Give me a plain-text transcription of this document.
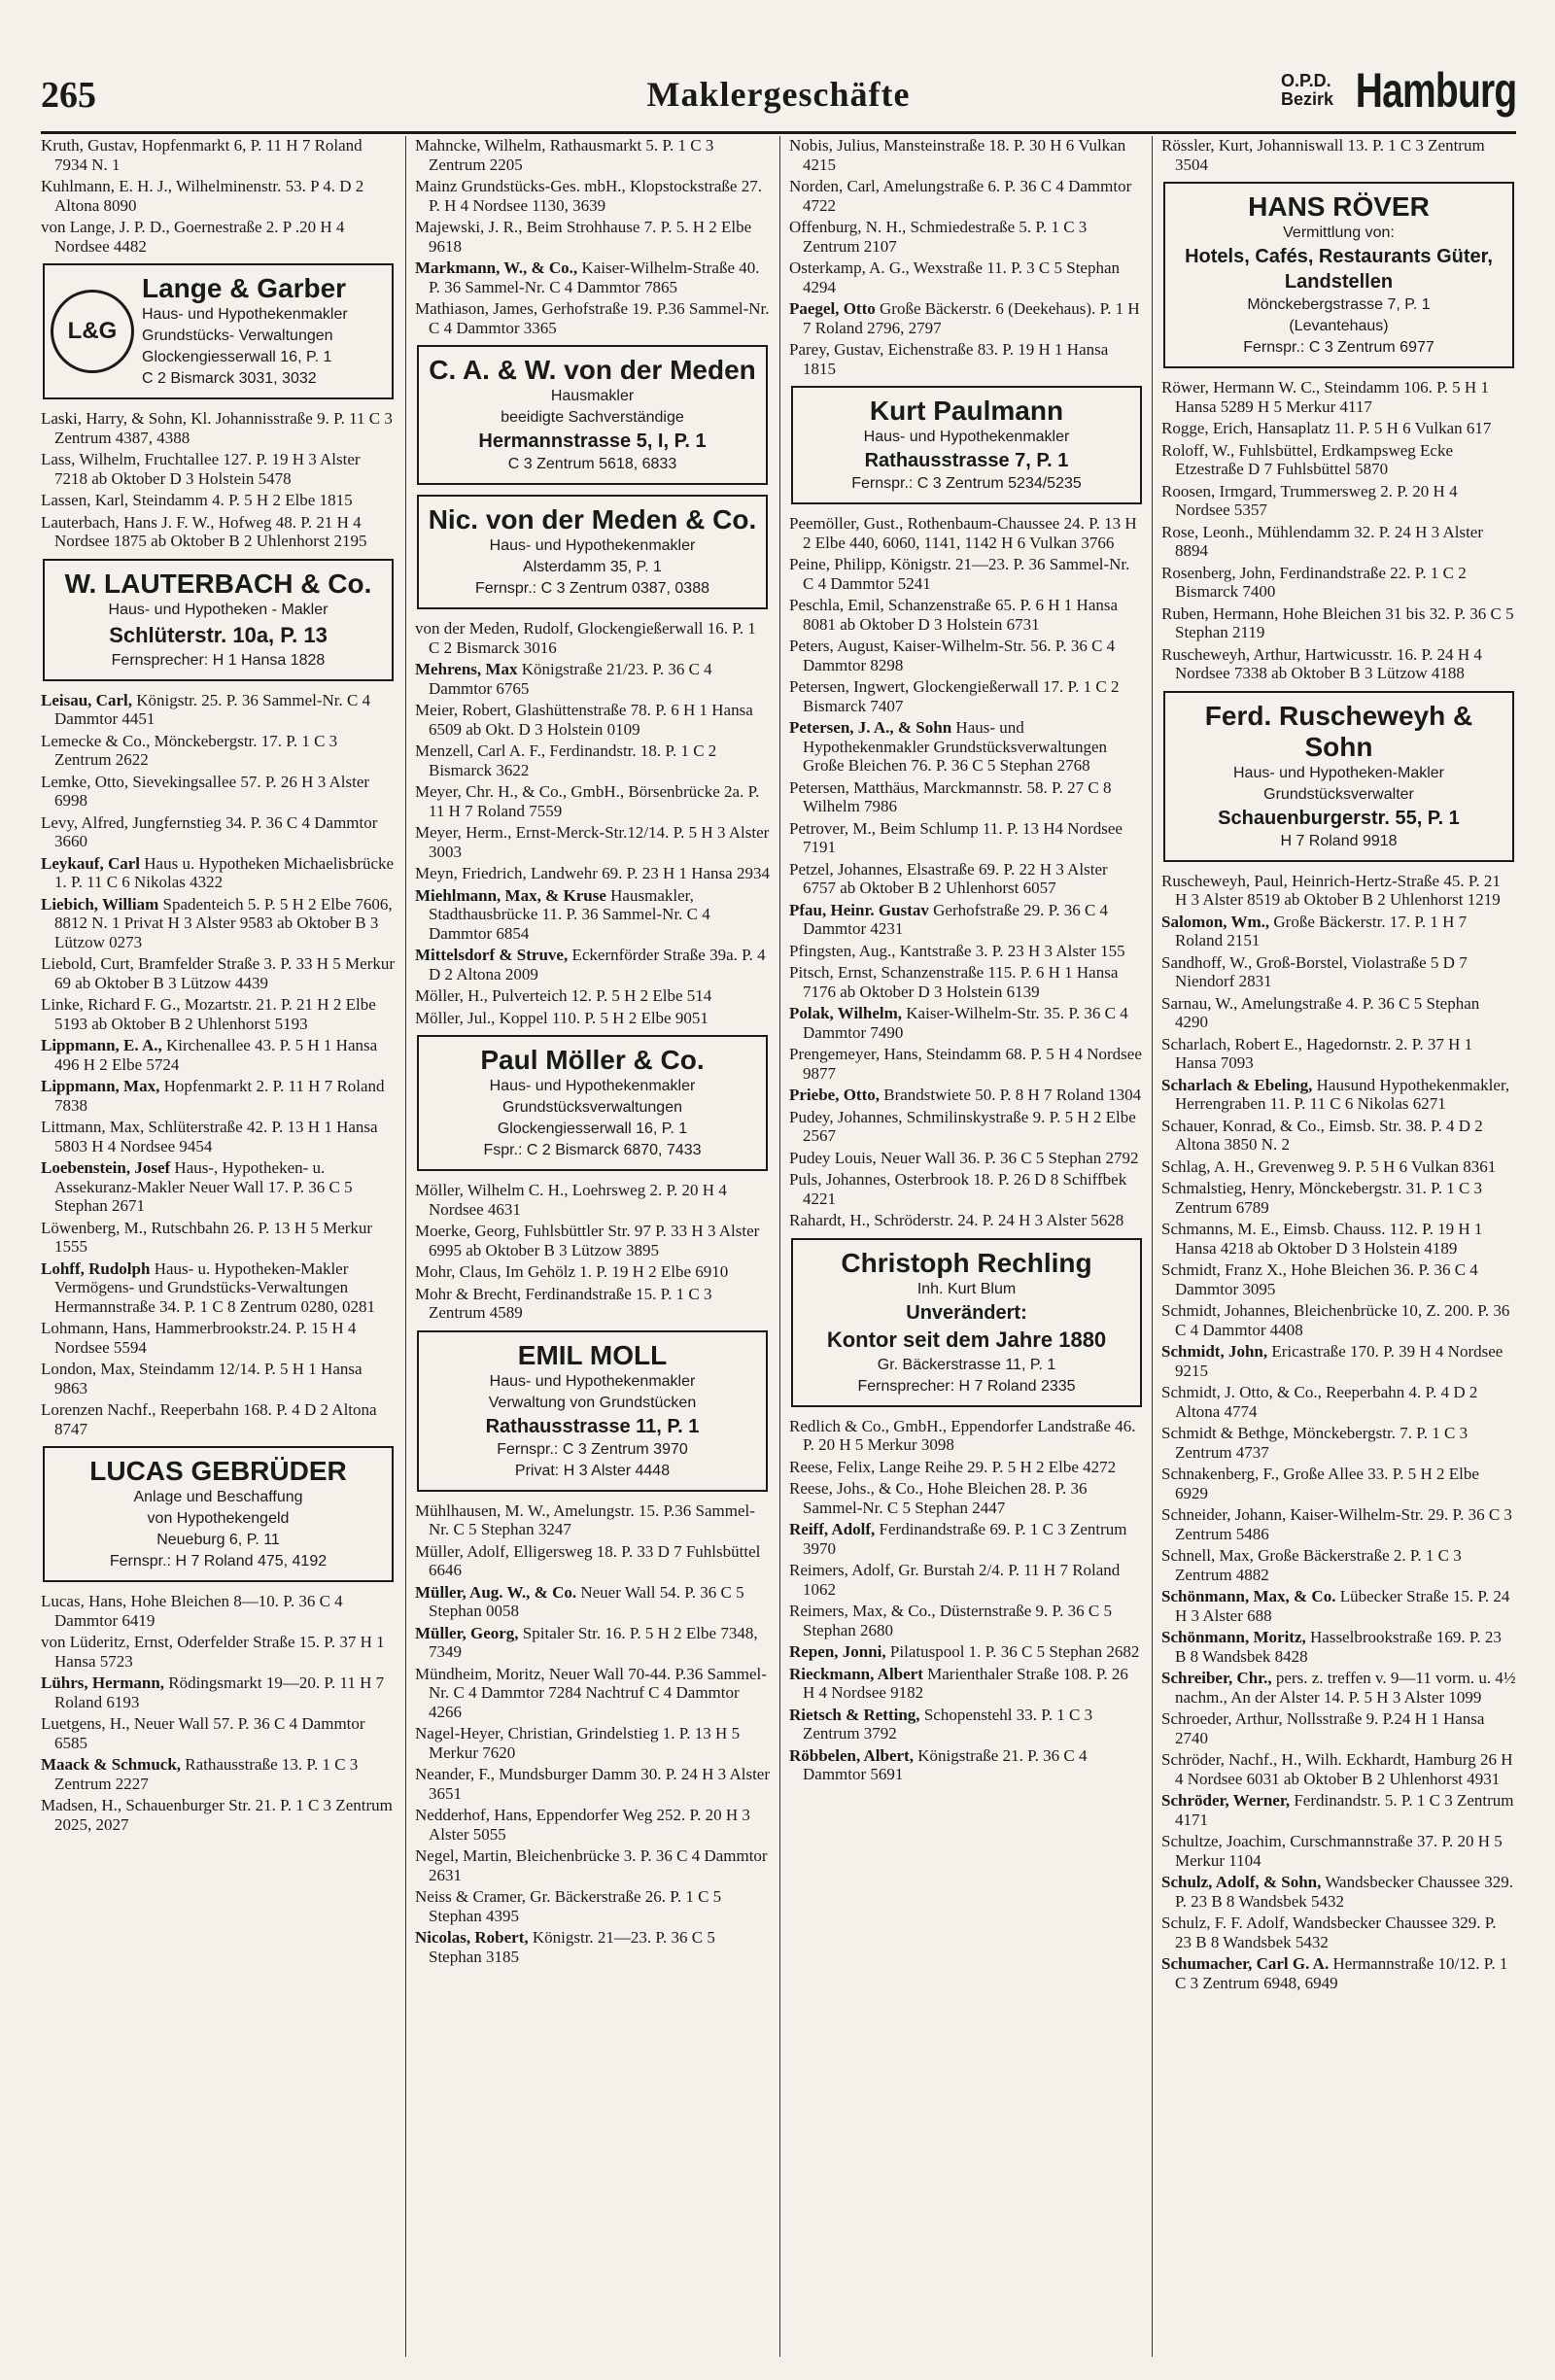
265	Maklergeschäfte	O.P.D.
Bezirk Hamburg
Kruth, Gustav, Hopfenmarkt 6, P. 11 H 7 Roland 7934 N. 1
Kuhlmann, E. H. J., Wilhelminenstr. 53. P 4. D 2 Altona 8090
von Lange, J. P. D., Goernestraße 2. P .20 H 4 Nordsee 4482
L&G
Lange & Garber
Haus- und Hypothekenmakler
Grundstücks- Verwaltungen
Glockengiesserwall 16, P. 1
C 2 Bismarck 3031, 3032
Laski, Harry, & Sohn, Kl. Johannisstraße 9. P. 11 C 3 Zentrum 4387, 4388
Lass, Wilhelm, Fruchtallee 127. P. 19 H 3 Alster 7218 ab Oktober D 3 Holstein 5478
Lassen, Karl, Steindamm 4. P. 5 H 2 Elbe 1815
Lauterbach, Hans J. F. W., Hofweg 48. P. 21 H 4 Nordsee 1875 ab Oktober B 2 Uhlenhorst 2195
W. LAUTERBACH & Co.
Haus- und Hypotheken - Makler
Schlüterstr. 10a, P. 13
Fernsprecher: H 1 Hansa 1828
Leisau, Carl, Königstr. 25. P. 36 Sammel-Nr. C 4 Dammtor 4451
Lemecke & Co., Mönckebergstr. 17. P. 1 C 3 Zentrum 2622
Lemke, Otto, Sievekingsallee 57. P. 26 H 3 Alster 6998
Levy, Alfred, Jungfernstieg 34. P. 36 C 4 Dammtor 3660
Leykauf, Carl Haus u. Hypotheken Michaelisbrücke 1. P. 11 C 6 Nikolas 4322
Liebich, William Spadenteich 5. P. 5 H 2 Elbe 7606, 8812 N. 1 Privat H 3 Alster 9583 ab Oktober B 3 Lützow 0273
Liebold, Curt, Bramfelder Straße 3. P. 33 H 5 Merkur 69 ab Oktober B 3 Lützow 4439
Linke, Richard F. G., Mozartstr. 21. P. 21 H 2 Elbe 5193 ab Oktober B 2 Uhlenhorst 5193
Lippmann, E. A., Kirchenallee 43. P. 5 H 1 Hansa 496 H 2 Elbe 5724
Lippmann, Max, Hopfenmarkt 2. P. 11 H 7 Roland 7838
Littmann, Max, Schlüterstraße 42. P. 13 H 1 Hansa 5803 H 4 Nordsee 9454
Loebenstein, Josef Haus-, Hypotheken- u. Assekuranz-Makler Neuer Wall 17. P. 36 C 5 Stephan 2671
Löwenberg, M., Rutschbahn 26. P. 13 H 5 Merkur 1555
Lohff, Rudolph Haus- u. Hypotheken-Makler Vermögens- und Grundstücks-Verwaltungen Hermannstraße 34. P. 1 C 8 Zentrum 0280, 0281
Lohmann, Hans, Hammerbrookstr.24. P. 15 H 4 Nordsee 5594
London, Max, Steindamm 12/14. P. 5 H 1 Hansa 9863
Lorenzen Nachf., Reeperbahn 168. P. 4 D 2 Altona 8747
LUCAS GEBRÜDER
Anlage und Beschaffung
von Hypothekengeld
Neueburg 6, P. 11
Fernspr.: H 7 Roland 475, 4192
Lucas, Hans, Hohe Bleichen 8—10. P. 36 C 4 Dammtor 6419
von Lüderitz, Ernst, Oderfelder Straße 15. P. 37 H 1 Hansa 5723
Lührs, Hermann, Rödingsmarkt 19—20. P. 11 H 7 Roland 6193
Luetgens, H., Neuer Wall 57. P. 36 C 4 Dammtor 6585
Maack & Schmuck, Rathausstraße 13. P. 1 C 3 Zentrum 2227
Madsen, H., Schauenburger Str. 21. P. 1 C 3 Zentrum 2025, 2027
Mahncke, Wilhelm, Rathausmarkt 5. P. 1 C 3 Zentrum 2205
Mainz Grundstücks-Ges. mbH., Klopstockstraße 27. P. H 4 Nordsee 1130, 3639
Majewski, J. R., Beim Strohhause 7. P. 5. H 2 Elbe 9618
Markmann, W., & Co., Kaiser-Wilhelm-Straße 40. P. 36 Sammel-Nr. C 4 Dammtor 7865
Mathiason, James, Gerhofstraße 19. P.36 Sammel-Nr. C 4 Dammtor 3365
C. A. & W. von der Meden
Hausmakler
beeidigte Sachverständige
Hermannstrasse 5, I, P. 1
C 3 Zentrum 5618, 6833
Nic. von der Meden & Co.
Haus- und Hypothekenmakler
Alsterdamm 35, P. 1
Fernspr.: C 3 Zentrum 0387, 0388
von der Meden, Rudolf, Glockengießerwall 16. P. 1 C 2 Bismarck 3016
Mehrens, Max Königstraße 21/23. P. 36 C 4 Dammtor 6765
Meier, Robert, Glashüttenstraße 78. P. 6 H 1 Hansa 6509 ab Okt. D 3 Holstein 0109
Menzell, Carl A. F., Ferdinandstr. 18. P. 1 C 2 Bismarck 3622
Meyer, Chr. H., & Co., GmbH., Börsenbrücke 2a. P. 11 H 7 Roland 7559
Meyer, Herm., Ernst-Merck-Str.12/14. P. 5 H 3 Alster 3003
Meyn, Friedrich, Landwehr 69. P. 23 H 1 Hansa 2934
Miehlmann, Max, & Kruse Hausmakler, Stadthausbrücke 11. P. 36 Sammel-Nr. C 4 Dammtor 6854
Mittelsdorf & Struve, Eckernförder Straße 39a. P. 4 D 2 Altona 2009
Möller, H., Pulverteich 12. P. 5 H 2 Elbe 514
Möller, Jul., Koppel 110. P. 5 H 2 Elbe 9051
Paul Möller & Co.
Haus- und Hypothekenmakler
Grundstücksverwaltungen
Glockengiesserwall 16, P. 1
Fspr.: C 2 Bismarck 6870, 7433
Möller, Wilhelm C. H., Loehrsweg 2. P. 20 H 4 Nordsee 4631
Moerke, Georg, Fuhlsbüttler Str. 97 P. 33 H 3 Alster 6995 ab Oktober B 3 Lützow 3895
Mohr, Claus, Im Gehölz 1. P. 19 H 2 Elbe 6910
Mohr & Brecht, Ferdinandstraße 15. P. 1 C 3 Zentrum 4589
EMIL MOLL
Haus- und Hypothekenmakler
Verwaltung von Grundstücken
Rathausstrasse 11, P. 1
Fernspr.: C 3 Zentrum 3970
Privat: H 3 Alster 4448
Mühlhausen, M. W., Amelungstr. 15. P.36 Sammel-Nr. C 5 Stephan 3247
Müller, Adolf, Elligersweg 18. P. 33 D 7 Fuhlsbüttel 6646
Müller, Aug. W., & Co. Neuer Wall 54. P. 36 C 5 Stephan 0058
Müller, Georg, Spitaler Str. 16. P. 5 H 2 Elbe 7348, 7349
Mündheim, Moritz, Neuer Wall 70-44. P.36 Sammel-Nr. C 4 Dammtor 7284 Nachtruf C 4 Dammtor 4266
Nagel-Heyer, Christian, Grindelstieg 1. P. 13 H 5 Merkur 7620
Neander, F., Mundsburger Damm 30. P. 24 H 3 Alster 3651
Nedderhof, Hans, Eppendorfer Weg 252. P. 20 H 3 Alster 5055
Negel, Martin, Bleichenbrücke 3. P. 36 C 4 Dammtor 2631
Neiss & Cramer, Gr. Bäckerstraße 26. P. 1 C 5 Stephan 4395
Nicolas, Robert, Königstr. 21—23. P. 36 C 5 Stephan 3185
Nobis, Julius, Mansteinstraße 18. P. 30 H 6 Vulkan 4215
Norden, Carl, Amelungstraße 6. P. 36 C 4 Dammtor 4722
Offenburg, N. H., Schmiedestraße 5. P. 1 C 3 Zentrum 2107
Osterkamp, A. G., Wexstraße 11. P. 3 C 5 Stephan 4294
Paegel, Otto Große Bäckerstr. 6 (Deekehaus). P. 1 H 7 Roland 2796, 2797
Parey, Gustav, Eichenstraße 83. P. 19 H 1 Hansa 1815
Kurt Paulmann
Haus- und Hypothekenmakler
Rathausstrasse 7, P. 1
Fernspr.: C 3 Zentrum 5234/5235
Peemöller, Gust., Rothenbaum-Chaussee 24. P. 13 H 2 Elbe 440, 6060, 1141, 1142 H 6 Vulkan 3766
Peine, Philipp, Königstr. 21—23. P. 36 Sammel-Nr. C 4 Dammtor 5241
Peschla, Emil, Schanzenstraße 65. P. 6 H 1 Hansa 8081 ab Oktober D 3 Holstein 6731
Peters, August, Kaiser-Wilhelm-Str. 56. P. 36 C 4 Dammtor 8298
Petersen, Ingwert, Glockengießerwall 17. P. 1 C 2 Bismarck 7407
Petersen, J. A., & Sohn Haus- und Hypothekenmakler Grundstücksverwaltungen Große Bleichen 76. P. 36 C 5 Stephan 2768
Petersen, Matthäus, Marckmannstr. 58. P. 27 C 8 Wilhelm 7986
Petrover, M., Beim Schlump 11. P. 13 H4 Nordsee 7191
Petzel, Johannes, Elsastraße 69. P. 22 H 3 Alster 6757 ab Oktober B 2 Uhlenhorst 6057
Pfau, Heinr. Gustav Gerhofstraße 29. P. 36 C 4 Dammtor 4231
Pfingsten, Aug., Kantstraße 3. P. 23 H 3 Alster 155
Pitsch, Ernst, Schanzenstraße 115. P. 6 H 1 Hansa 7176 ab Oktober D 3 Holstein 6139
Polak, Wilhelm, Kaiser-Wilhelm-Str. 35. P. 36 C 4 Dammtor 7490
Prengemeyer, Hans, Steindamm 68. P. 5 H 4 Nordsee 9877
Priebe, Otto, Brandstwiete 50. P. 8 H 7 Roland 1304
Pudey, Johannes, Schmilinskystraße 9. P. 5 H 2 Elbe 2567
Pudey Louis, Neuer Wall 36. P. 36 C 5 Stephan 2792
Puls, Johannes, Osterbrook 18. P. 26 D 8 Schiffbek 4221
Rahardt, H., Schröderstr. 24. P. 24 H 3 Alster 5628
Christoph Rechling
Inh. Kurt Blum
Unverändert:
Kontor seit dem Jahre 1880
Gr. Bäckerstrasse 11, P. 1
Fernsprecher: H 7 Roland 2335
Redlich & Co., GmbH., Eppendorfer Landstraße 46. P. 20 H 5 Merkur 3098
Reese, Felix, Lange Reihe 29. P. 5 H 2 Elbe 4272
Reese, Johs., & Co., Hohe Bleichen 28. P. 36 Sammel-Nr. C 5 Stephan 2447
Reiff, Adolf, Ferdinandstraße 69. P. 1 C 3 Zentrum 3970
Reimers, Adolf, Gr. Burstah 2/4. P. 11 H 7 Roland 1062
Reimers, Max, & Co., Düsternstraße 9. P. 36 C 5 Stephan 2680
Repen, Jonni, Pilatuspool 1. P. 36 C 5 Stephan 2682
Rieckmann, Albert Marienthaler Straße 108. P. 26 H 4 Nordsee 9182
Rietsch & Retting, Schopenstehl 33. P. 1 C 3 Zentrum 3792
Röbbelen, Albert, Königstraße 21. P. 36 C 4 Dammtor 5691
Rössler, Kurt, Johanniswall 13. P. 1 C 3 Zentrum 3504
HANS RÖVER
Vermittlung von:
Hotels, Cafés, Restaurants Güter, Landstellen
Mönckebergstrasse 7, P. 1
(Levantehaus)
Fernspr.: C 3 Zentrum 6977
Röwer, Hermann W. C., Steindamm 106. P. 5 H 1 Hansa 5289 H 5 Merkur 4117
Rogge, Erich, Hansaplatz 11. P. 5 H 6 Vulkan 617
Roloff, W., Fuhlsbüttel, Erdkampsweg Ecke Etzestraße D 7 Fuhlsbüttel 5870
Roosen, Irmgard, Trummersweg 2. P. 20 H 4 Nordsee 5357
Rose, Leonh., Mühlendamm 32. P. 24 H 3 Alster 8894
Rosenberg, John, Ferdinandstraße 22. P. 1 C 2 Bismarck 7400
Ruben, Hermann, Hohe Bleichen 31 bis 32. P. 36 C 5 Stephan 2119
Ruscheweyh, Arthur, Hartwicusstr. 16. P. 24 H 4 Nordsee 7338 ab Oktober B 3 Lützow 4188
Ferd. Ruscheweyh & Sohn
Haus- und Hypotheken-Makler
Grundstücksverwalter
Schauenburgerstr. 55, P. 1
H 7 Roland 9918
Ruscheweyh, Paul, Heinrich-Hertz-Straße 45. P. 21 H 3 Alster 8519 ab Oktober B 2 Uhlenhorst 1219
Salomon, Wm., Große Bäckerstr. 17. P. 1 H 7 Roland 2151
Sandhoff, W., Groß-Borstel, Violastraße 5 D 7 Niendorf 2831
Sarnau, W., Amelungstraße 4. P. 36 C 5 Stephan 4290
Scharlach, Robert E., Hagedornstr. 2. P. 37 H 1 Hansa 7093
Scharlach & Ebeling, Hausund Hypothekenmakler, Herrengraben 11. P. 11 C 6 Nikolas 6271
Schauer, Konrad, & Co., Eimsb. Str. 38. P. 4 D 2 Altona 3850 N. 2
Schlag, A. H., Grevenweg 9. P. 5 H 6 Vulkan 8361
Schmalstieg, Henry, Mönckebergstr. 31. P. 1 C 3 Zentrum 6789
Schmanns, M. E., Eimsb. Chauss. 112. P. 19 H 1 Hansa 4218 ab Oktober D 3 Holstein 4189
Schmidt, Franz X., Hohe Bleichen 36. P. 36 C 4 Dammtor 3095
Schmidt, Johannes, Bleichenbrücke 10, Z. 200. P. 36 C 4 Dammtor 4408
Schmidt, John, Ericastraße 170. P. 39 H 4 Nordsee 9215
Schmidt, J. Otto, & Co., Reeperbahn 4. P. 4 D 2 Altona 4774
Schmidt & Bethge, Mönckebergstr. 7. P. 1 C 3 Zentrum 4737
Schnakenberg, F., Große Allee 33. P. 5 H 2 Elbe 6929
Schneider, Johann, Kaiser-Wilhelm-Str. 29. P. 36 C 3 Zentrum 5486
Schnell, Max, Große Bäckerstraße 2. P. 1 C 3 Zentrum 4882
Schönmann, Max, & Co. Lübecker Straße 15. P. 24 H 3 Alster 688
Schönmann, Moritz, Hasselbrookstraße 169. P. 23 B 8 Wandsbek 8428
Schreiber, Chr., pers. z. treffen v. 9—11 vorm. u. 4½ nachm., An der Alster 14. P. 5 H 3 Alster 1099
Schroeder, Arthur, Nollsstraße 9. P.24 H 1 Hansa 2740
Schröder, Nachf., H., Wilh. Eckhardt, Hamburg 26 H 4 Nordsee 6031 ab Oktober B 2 Uhlenhorst 4931
Schröder, Werner, Ferdinandstr. 5. P. 1 C 3 Zentrum 4171
Schultze, Joachim, Curschmannstraße 37. P. 20 H 5 Merkur 1104
Schulz, Adolf, & Sohn, Wandsbecker Chaussee 329. P. 23 B 8 Wandsbek 5432
Schulz, F. F. Adolf, Wandsbecker Chaussee 329. P. 23 B 8 Wandsbek 5432
Schumacher, Carl G. A. Hermannstraße 10/12. P. 1 C 3 Zentrum 6948, 6949
